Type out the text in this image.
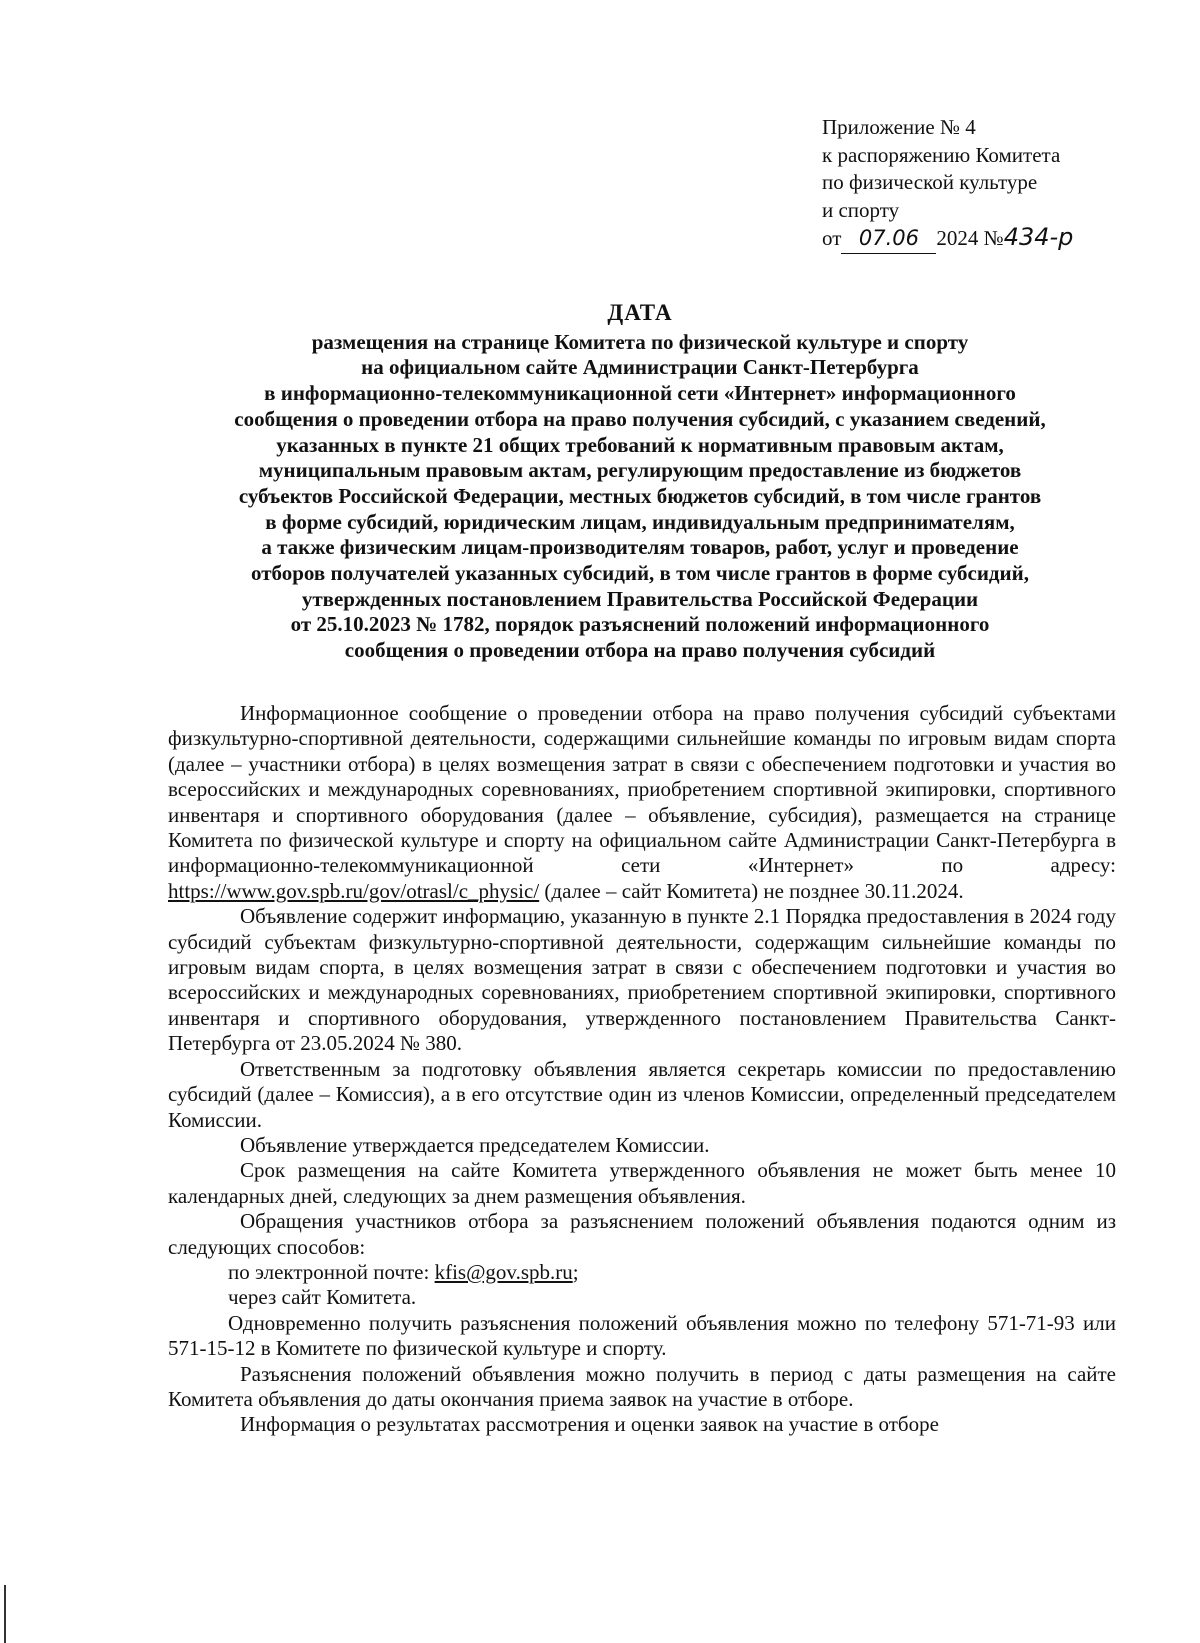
Приложение № 4
к распоряжению Комитета
по физической культуре
и спорту
от 07.06 2024 №434-р
ДАТА
размещения на странице Комитета по физической культуре и спорту
на официальном сайте Администрации Санкт-Петербурга
в информационно-телекоммуникационной сети «Интернет» информационного
сообщения о проведении отбора на право получения субсидий, с указанием сведений,
указанных в пункте 21 общих требований к нормативным правовым актам,
муниципальным правовым актам, регулирующим предоставление из бюджетов
субъектов Российской Федерации, местных бюджетов субсидий, в том числе грантов
в форме субсидий, юридическим лицам, индивидуальным предпринимателям,
а также физическим лицам-производителям товаров, работ, услуг и проведение
отборов получателей указанных субсидий, в том числе грантов в форме субсидий,
утвержденных постановлением Правительства Российской Федерации
от 25.10.2023 № 1782, порядок разъяснений положений информационного
сообщения о проведении отбора на право получения субсидий

Информационное сообщение о проведении отбора на право получения субсидий субъектами физкультурно-спортивной деятельности, содержащими сильнейшие команды по игровым видам спорта (далее – участники отбора) в целях возмещения затрат в связи с обеспечением подготовки и участия во всероссийских и международных соревнованиях, приобретением спортивной экипировки, спортивного инвентаря и спортивного оборудования (далее – объявление, субсидия), размещается на странице Комитета по физической культуре и спорту на официальном сайте Администрации Санкт-Петербурга в информационно-телекоммуникационной сети «Интернет» по адресу: https://www.gov.spb.ru/gov/otrasl/c_physic/ (далее – сайт Комитета) не позднее 30.11.2024.

Объявление содержит информацию, указанную в пункте 2.1 Порядка предоставления в 2024 году субсидий субъектам физкультурно-спортивной деятельности, содержащим сильнейшие команды по игровым видам спорта, в целях возмещения затрат в связи с обеспечением подготовки и участия во всероссийских и международных соревнованиях, приобретением спортивной экипировки, спортивного инвентаря и спортивного оборудования, утвержденного постановлением Правительства Санкт-Петербурга от 23.05.2024 № 380.

Ответственным за подготовку объявления является секретарь комиссии по предоставлению субсидий (далее – Комиссия), а в его отсутствие один из членов Комиссии, определенный председателем Комиссии.

Объявление утверждается председателем Комиссии.

Срок размещения на сайте Комитета утвержденного объявления не может быть менее 10 календарных дней, следующих за днем размещения объявления.

Обращения участников отбора за разъяснением положений объявления подаются одним из следующих способов:

по электронной почте: kfis@gov.spb.ru;

через сайт Комитета.

Одновременно получить разъяснения положений объявления можно по телефону 571-71-93 или 571-15-12 в Комитете по физической культуре и спорту.

Разъяснения положений объявления можно получить в период с даты размещения на сайте Комитета объявления до даты окончания приема заявок на участие в отборе.

Информация о результатах рассмотрения и оценки заявок на участие в отборе
